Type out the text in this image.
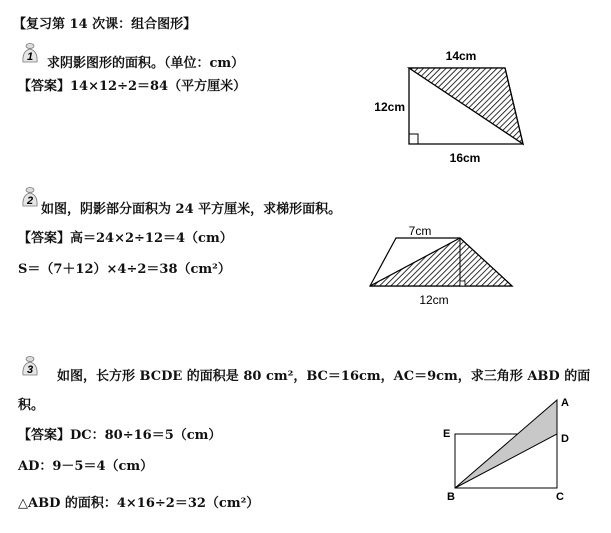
【复习第 14 次课：组合图形】
1 求阴影图形的面积。（单位：cm）
【答案】14×12÷2＝84（平方厘米）
14cm
12cm
16cm
2
如图，阴影部分面积为 24 平方厘米，求梯形面积。
【答案】高＝24×2÷12＝4（cm）
S＝（7＋12）×4÷2＝38（cm²）
7cm
12cm
3 如图，长方形 BCDE 的面积是 80 cm²，BC＝16cm，AC＝9cm，求三角形 ABD 的面
积。
【答案】DC：80÷16＝5（cm）
AD：9－5＝4（cm）
△ABD 的面积：4×16÷2＝32（cm²）
A
D
E
B	C
